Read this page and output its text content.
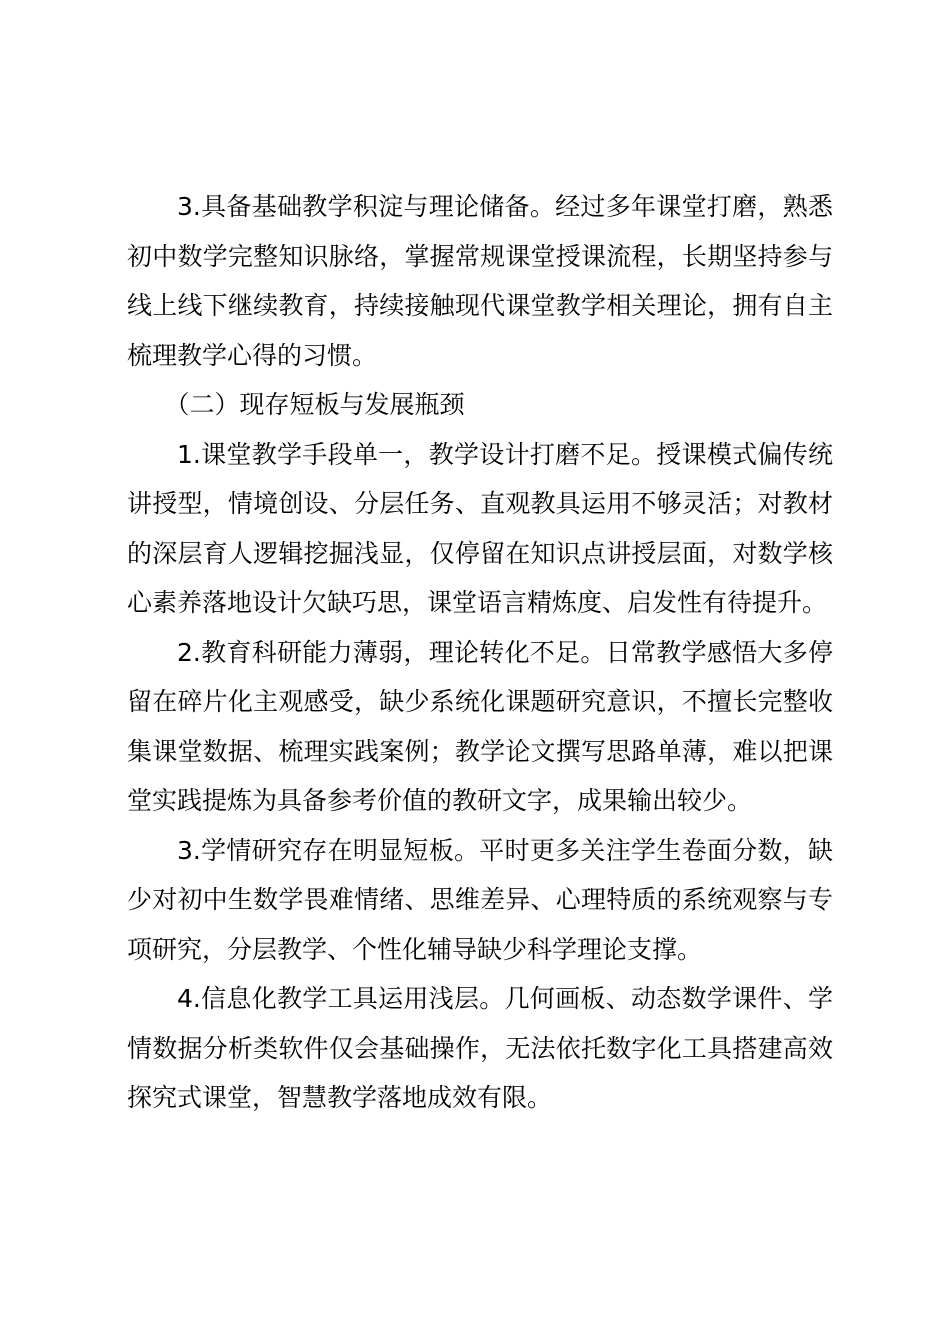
3.具备基础教学积淀与理论储备。经过多年课堂打磨，熟悉初中数学完整知识脉络，掌握常规课堂授课流程，长期坚持参与线上线下继续教育，持续接触现代课堂教学相关理论，拥有自主梳理教学心得的习惯。

（二）现存短板与发展瓶颈

1.课堂教学手段单一，教学设计打磨不足。授课模式偏传统讲授型，情境创设、分层任务、直观教具运用不够灵活；对教材的深层育人逻辑挖掘浅显，仅停留在知识点讲授层面，对数学核心素养落地设计欠缺巧思，课堂语言精炼度、启发性有待提升。

2.教育科研能力薄弱，理论转化不足。日常教学感悟大多停留在碎片化主观感受，缺少系统化课题研究意识，不擅长完整收集课堂数据、梳理实践案例；教学论文撰写思路单薄，难以把课堂实践提炼为具备参考价值的教研文字，成果输出较少。

3.学情研究存在明显短板。平时更多关注学生卷面分数，缺少对初中生数学畏难情绪、思维差异、心理特质的系统观察与专项研究，分层教学、个性化辅导缺少科学理论支撑。

4.信息化教学工具运用浅层。几何画板、动态数学课件、学情数据分析类软件仅会基础操作，无法依托数字化工具搭建高效探究式课堂，智慧教学落地成效有限。
